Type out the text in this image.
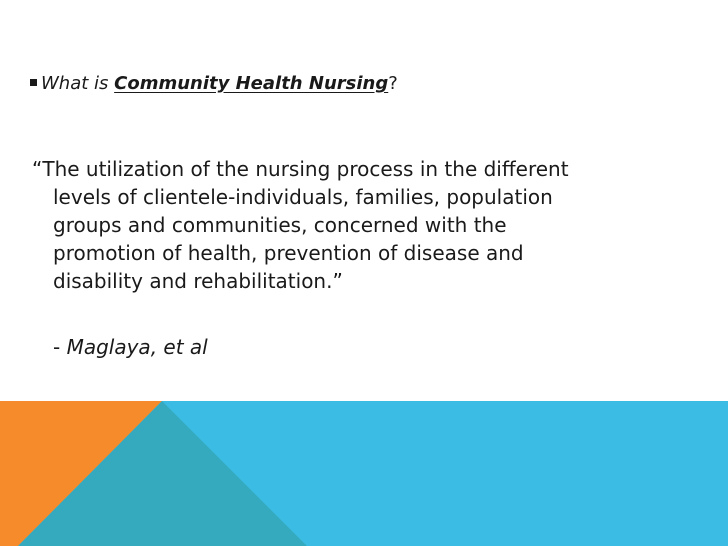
What is Community Health Nursing?
“The utilization of the nursing process in the different
levels of clientele-individuals, families, population
groups and communities, concerned with the
promotion of health, prevention of disease and
disability and rehabilitation.”
- Maglaya, et al
